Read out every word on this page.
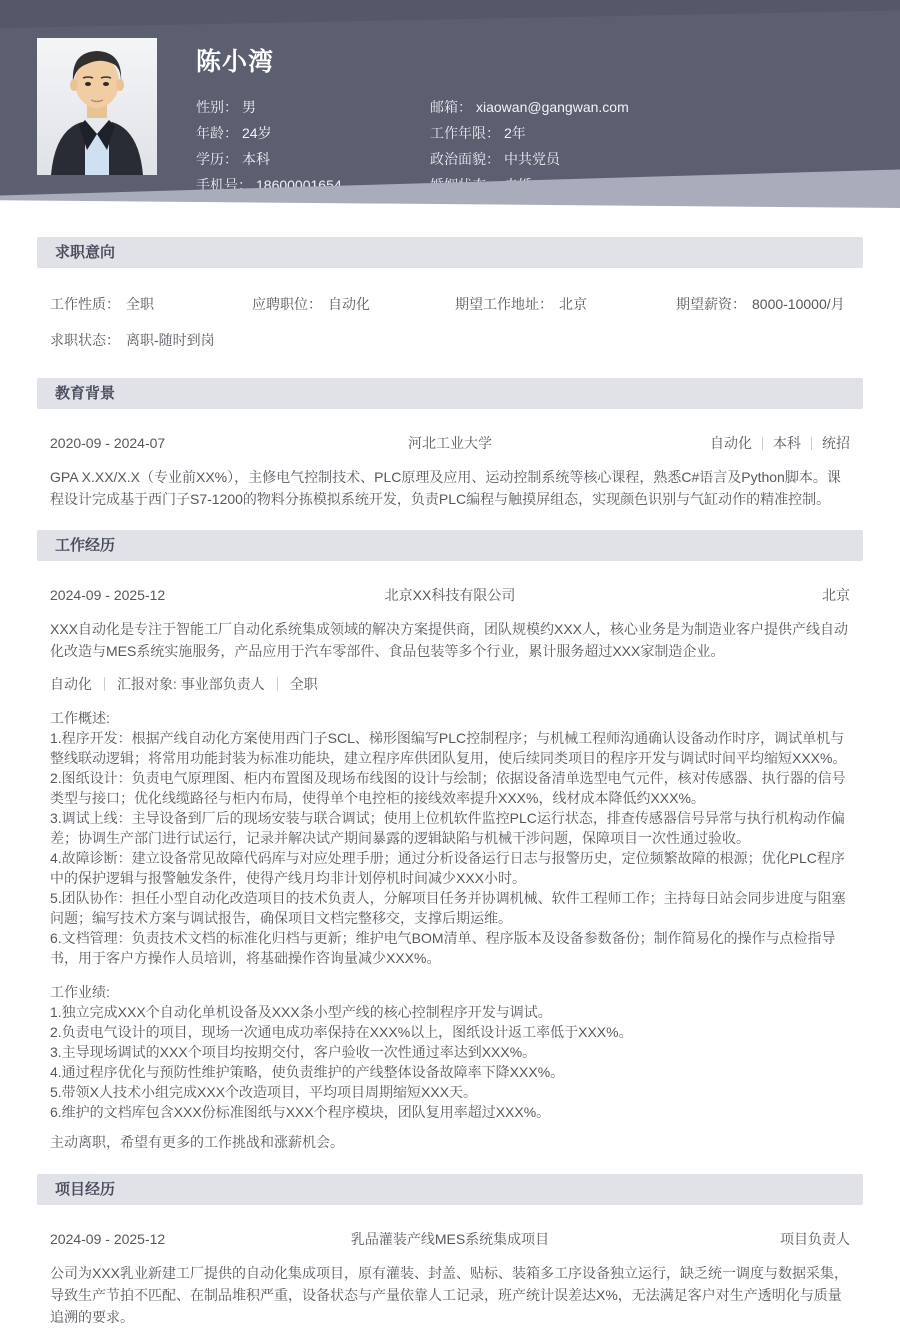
陈小湾
性别： 男
年龄： 24岁
学历： 本科
手机号： 18600001654
邮箱： xiaowan@gangwan.com
工作年限： 2年
政治面貌： 中共党员
求职意向
工作性质： 全职	应聘职位： 自动化	期望工作地址： 北京	期望薪资： 8000-10000/月
求职状态： 离职-随时到岗
教育背景
2020-09 - 2024-07	河北工业大学	自动化 本科 统招
GPA X.XX/X.X（专业前XX%），主修电气控制技术、PLC原理及应用、运动控制系统等核心课程，熟悉C#语言及Python脚本。课程设计完成基于西门子S7-1200的物料分拣模拟系统开发，负责PLC编程与触摸屏组态，实现颜色识别与气缸动作的精准控制。
工作经历
2024-09 - 2025-12	北京XX科技有限公司	北京
XXX自动化是专注于智能工厂自动化系统集成领域的解决方案提供商，团队规模约XXX人，核心业务是为制造业客户提供产线自动化改造与MES系统实施服务，产品应用于汽车零部件、食品包装等多个行业，累计服务超过XXX家制造企业。
自动化 汇报对象: 事业部负责人 全职
工作概述:
1.程序开发：根据产线自动化方案使用西门子SCL、梯形图编写PLC控制程序；与机械工程师沟通确认设备动作时序，调试单机与整线联动逻辑；将常用功能封装为标准功能块，建立程序库供团队复用，使后续同类项目的程序开发与调试时间平均缩短XXX%。
2.图纸设计：负责电气原理图、柜内布置图及现场布线图的设计与绘制；依据设备清单选型电气元件，核对传感器、执行器的信号类型与接口；优化线缆路径与柜内布局，使得单个电控柜的接线效率提升XXX%，线材成本降低约XXX%。
3.调试上线：主导设备到厂后的现场安装与联合调试；使用上位机软件监控PLC运行状态，排查传感器信号异常与执行机构动作偏差；协调生产部门进行试运行，记录并解决试产期间暴露的逻辑缺陷与机械干涉问题，保障项目一次性通过验收。
4.故障诊断：建立设备常见故障代码库与对应处理手册；通过分析设备运行日志与报警历史，定位频繁故障的根源；优化PLC程序中的保护逻辑与报警触发条件，使得产线月均非计划停机时间减少XXX小时。
5.团队协作：担任小型自动化改造项目的技术负责人，分解项目任务并协调机械、软件工程师工作；主持每日站会同步进度与阻塞问题；编写技术方案与调试报告，确保项目文档完整移交，支撑后期运维。
6.文档管理：负责技术文档的标准化归档与更新；维护电气BOM清单、程序版本及设备参数备份；制作简易化的操作与点检指导书，用于客户方操作人员培训，将基础操作咨询量减少XXX%。
工作业绩:
1.独立完成XXX个自动化单机设备及XXX条小型产线的核心控制程序开发与调试。
2.负责电气设计的项目，现场一次通电成功率保持在XXX%以上，图纸设计返工率低于XXX%。
3.主导现场调试的XXX个项目均按期交付，客户验收一次性通过率达到XXX%。
4.通过程序优化与预防性维护策略，使负责维护的产线整体设备故障率下降XXX%。
5.带领X人技术小组完成XXX个改造项目，平均项目周期缩短XXX天。
6.维护的文档库包含XXX份标准图纸与XXX个程序模块，团队复用率超过XXX%。
主动离职，希望有更多的工作挑战和涨薪机会。
项目经历
2024-09 - 2025-12	乳品灌装产线MES系统集成项目	项目负责人
公司为XXX乳业新建工厂提供的自动化集成项目，原有灌装、封盖、贴标、装箱多工序设备独立运行，缺乏统一调度与数据采集，导致生产节拍不匹配、在制品堆积严重，设备状态与产量依靠人工记录，班产统计误差达X%，无法满足客户对生产透明化与质量追溯的要求。
